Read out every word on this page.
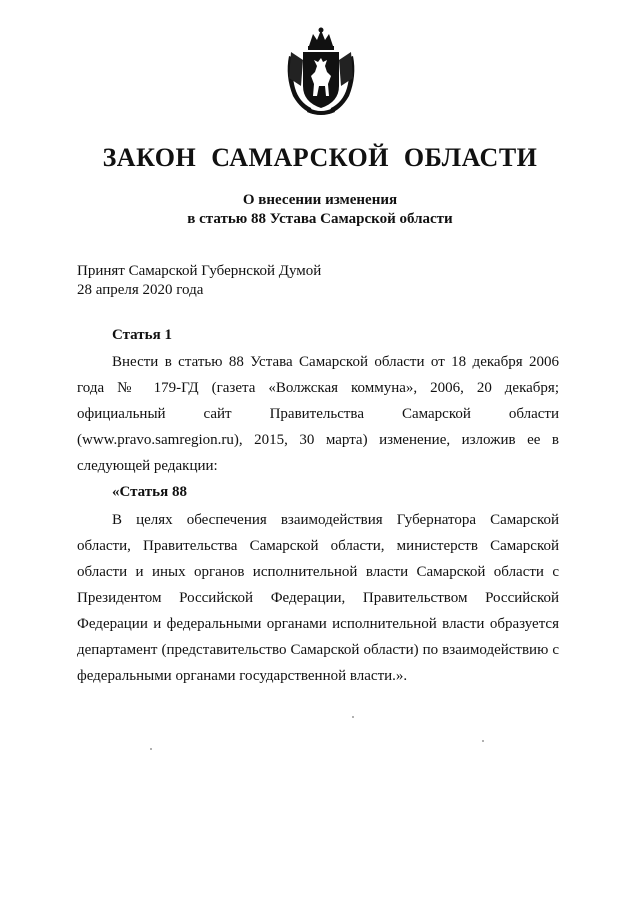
ЗАКОН САМАРСКОЙ ОБЛАСТИ
О внесении изменения
в статью 88 Устава Самарской области
Принят Самарской Губернской Думой
28 апреля 2020 года
Статья 1
Внести в статью 88 Устава Самарской области от 18 декабря 2006 года № 179-ГД (газета «Волжская коммуна», 2006, 20 декабря; официальный сайт Правительства Самарской области (www.pravo.samregion.ru), 2015, 30 марта) изменение, изложив ее в следующей редакции:
«Статья 88
В целях обеспечения взаимодействия Губернатора Самарской области, Правительства Самарской области, министерств Самарской области и иных органов исполнительной власти Самарской области с Президентом Российской Федерации, Правительством Российской Федерации и федеральными органами исполнительной власти образуется департамент (представительство Самарской области) по взаимодействию с федеральными органами государственной власти.».
